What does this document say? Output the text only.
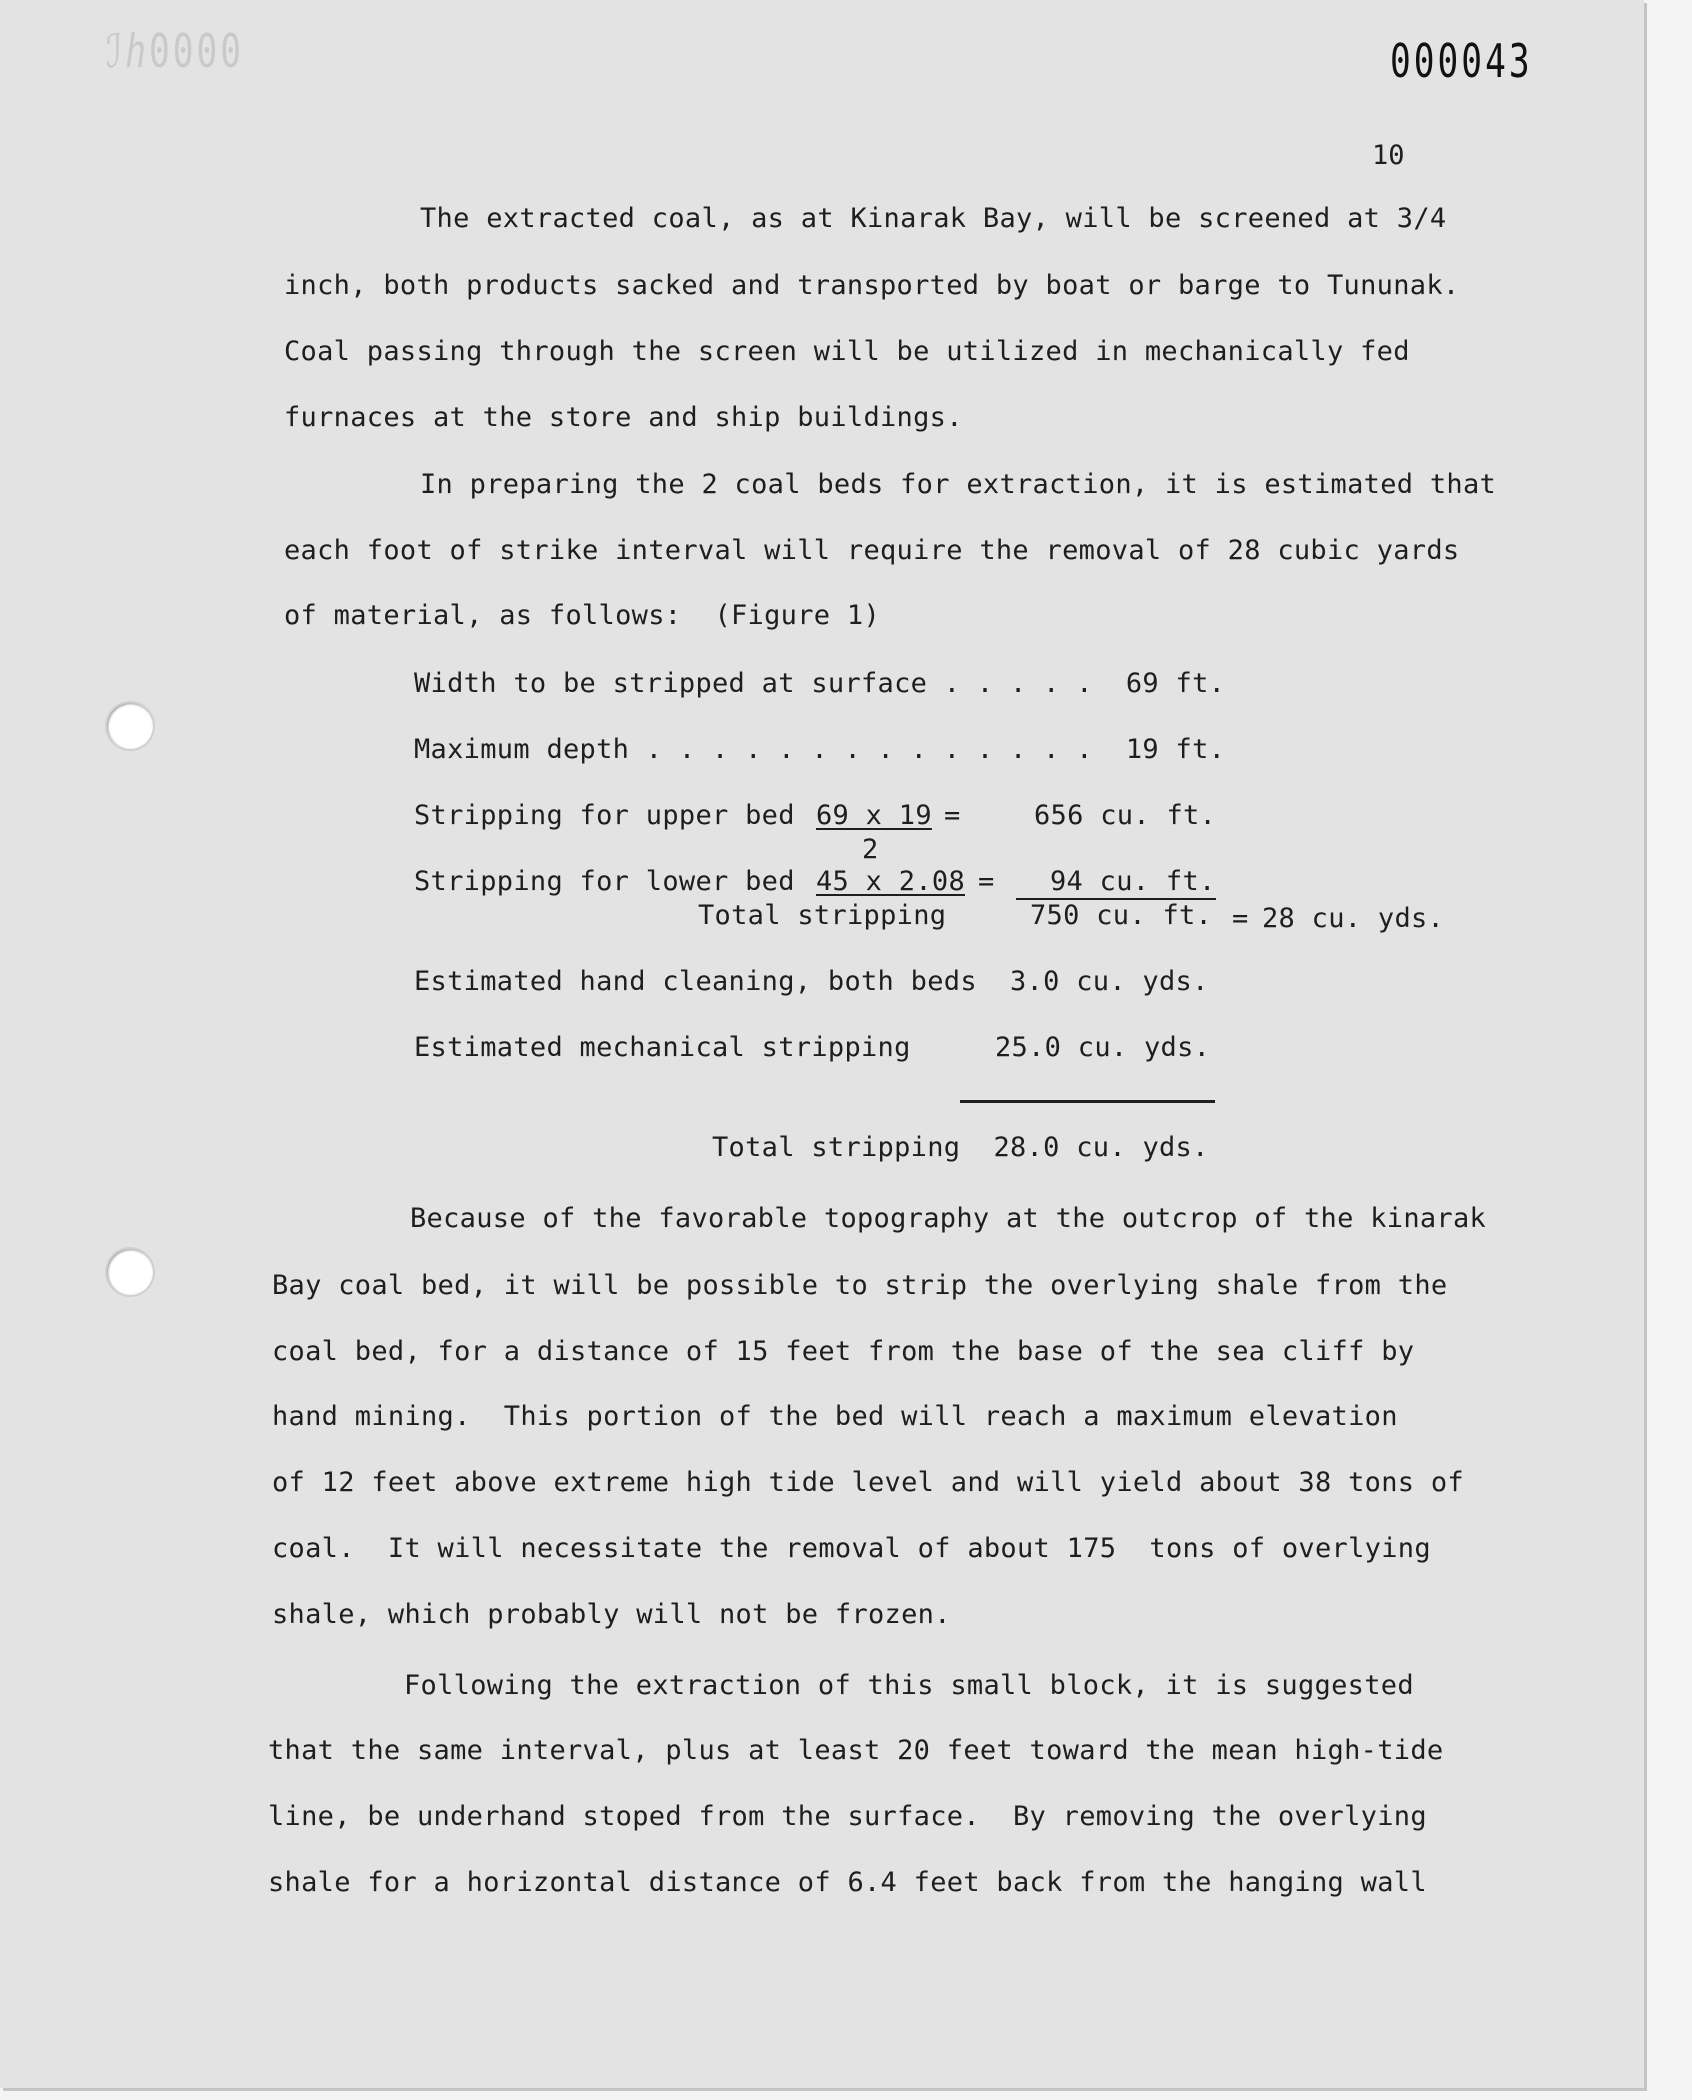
ℐℎ0000	000043
10
The extracted coal, as at Kinarak Bay, will be screened at 3/4
inch, both products sacked and transported by boat or barge to Tununak.
Coal passing through the screen will be utilized in mechanically fed
furnaces at the store and ship buildings.
In preparing the 2 coal beds for extraction, it is estimated that
each foot of strike interval will require the removal of 28 cubic yards
of material, as follows:  (Figure 1)
Width to be stripped at surface . . . . .  69 ft.
Maximum depth . . . . . . . . . . . . . .  19 ft.
Stripping for upper bed 69 x 19 =	656 cu. ft.
2
Stripping for lower bed 45 x 2.08 = 94 cu. ft.
Total stripping	750 cu. ft. = 28 cu. yds.
Estimated hand cleaning, both beds  3.0 cu. yds.
Estimated mechanical stripping	25.0 cu. yds.
Total stripping  28.0 cu. yds.
Because of the favorable topography at the outcrop of the kinarak
Bay coal bed, it will be possible to strip the overlying shale from the
coal bed, for a distance of 15 feet from the base of the sea cliff by
hand mining.  This portion of the bed will reach a maximum elevation
of 12 feet above extreme high tide level and will yield about 38 tons of
coal.  It will necessitate the removal of about 175  tons of overlying
shale, which probably will not be frozen.
Following the extraction of this small block, it is suggested
that the same interval, plus at least 20 feet toward the mean high-tide
line, be underhand stoped from the surface.  By removing the overlying
shale for a horizontal distance of 6.4 feet back from the hanging wall
